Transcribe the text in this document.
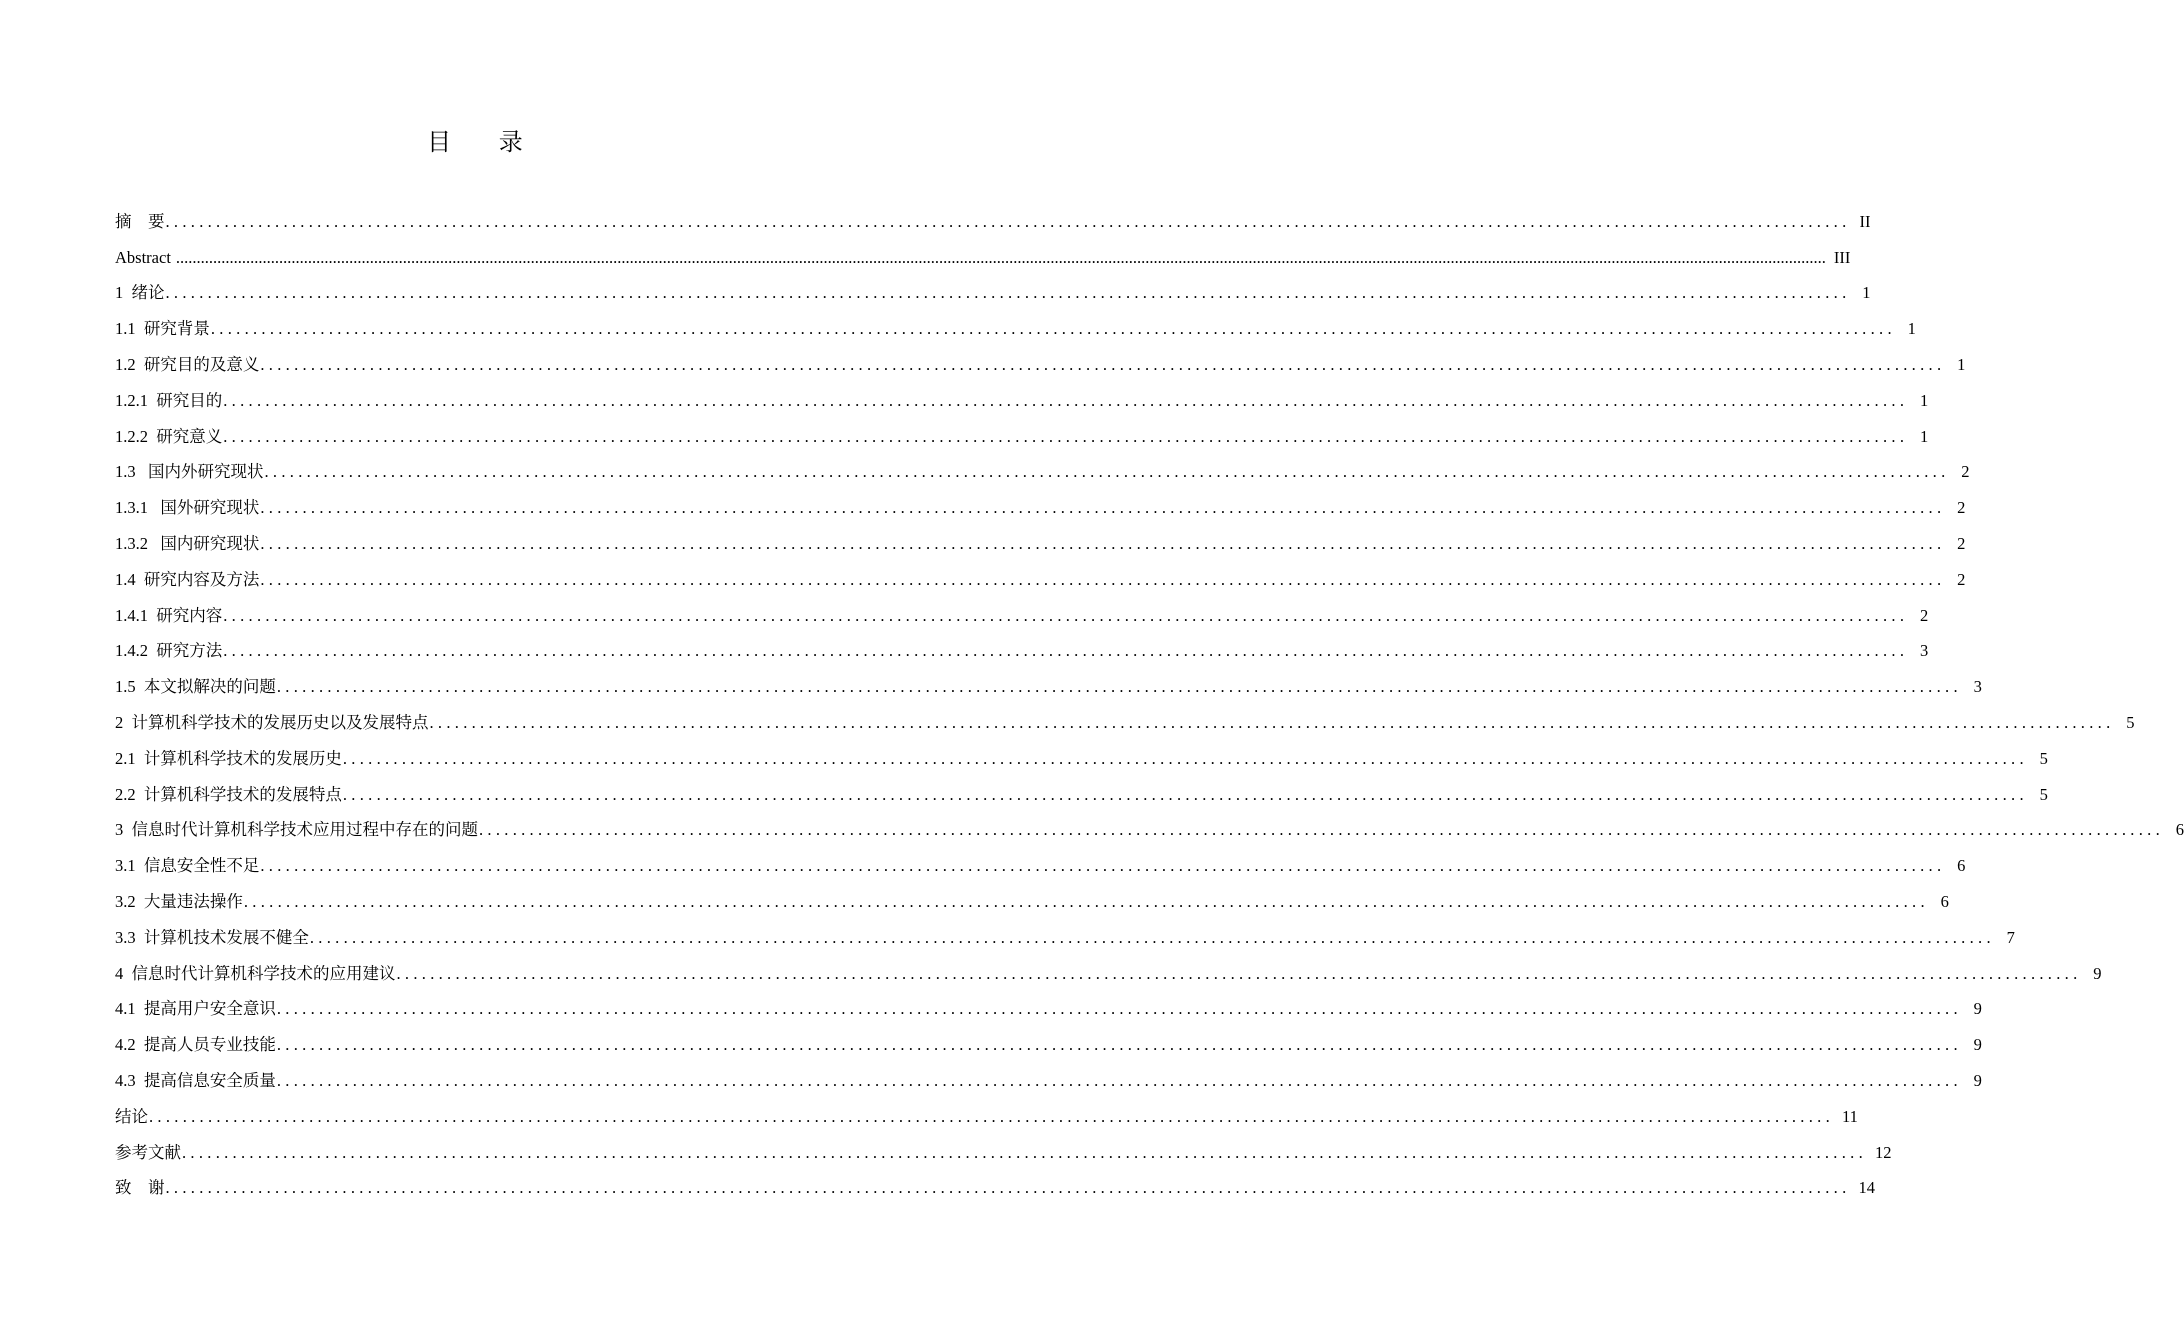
目 录
摘    要 ........................................................................................................................................................................................................ II
Abstract ................................................................................................................................................................................................................................................................................................................................................................................................................ III
1  绪论 ........................................................................................................................................................................................................ 1
1.1  研究背景 ........................................................................................................................................................................................................ 1
1.2  研究目的及意义 ........................................................................................................................................................................................................ 1
1.2.1  研究目的 ........................................................................................................................................................................................................ 1
1.2.2  研究意义 ........................................................................................................................................................................................................ 1
1.3   国内外研究现状 ........................................................................................................................................................................................................ 2
1.3.1   国外研究现状 ........................................................................................................................................................................................................ 2
1.3.2   国内研究现状 ........................................................................................................................................................................................................ 2
1.4  研究内容及方法 ........................................................................................................................................................................................................ 2
1.4.1  研究内容 ........................................................................................................................................................................................................ 2
1.4.2  研究方法 ........................................................................................................................................................................................................ 3
1.5  本文拟解决的问题 ........................................................................................................................................................................................................ 3
2  计算机科学技术的发展历史以及发展特点 ........................................................................................................................................................................................................ 5
2.1  计算机科学技术的发展历史 ........................................................................................................................................................................................................ 5
2.2  计算机科学技术的发展特点 ........................................................................................................................................................................................................ 5
3  信息时代计算机科学技术应用过程中存在的问题 ........................................................................................................................................................................................................ 6
3.1  信息安全性不足 ........................................................................................................................................................................................................ 6
3.2  大量违法操作 ........................................................................................................................................................................................................ 6
3.3  计算机技术发展不健全 ........................................................................................................................................................................................................ 7
4  信息时代计算机科学技术的应用建议 ........................................................................................................................................................................................................ 9
4.1  提高用户安全意识 ........................................................................................................................................................................................................ 9
4.2  提高人员专业技能 ........................................................................................................................................................................................................ 9
4.3  提高信息安全质量 ........................................................................................................................................................................................................ 9
结论 ........................................................................................................................................................................................................ 11
参考文献 ........................................................................................................................................................................................................ 12
致    谢 ........................................................................................................................................................................................................ 14
